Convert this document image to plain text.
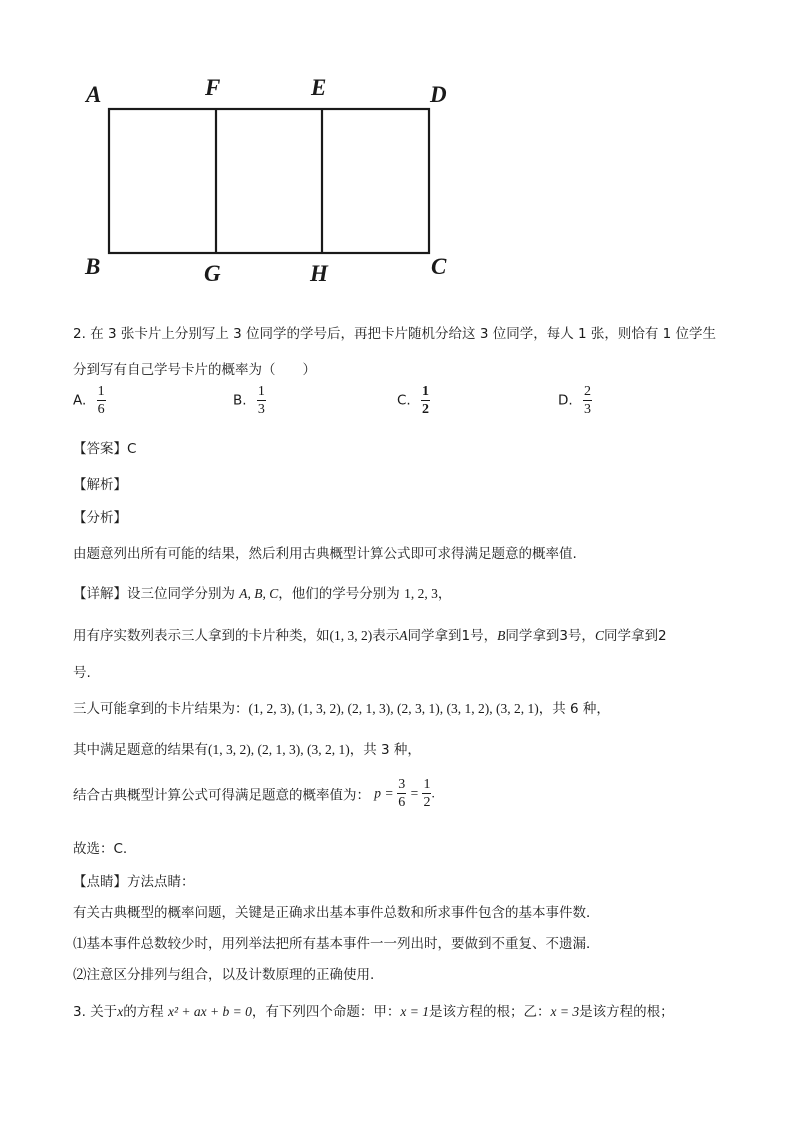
A	F	E	D
B	G	H	C
2. 在 3 张卡片上分别写上 3 位同学的学号后，再把卡片随机分给这 3 位同学，每人 1 张，则恰有 1 位学生
分到写有自己学号卡片的概率为（　　）
A. $\frac{1}{6}$	B. $\frac{1}{3}$	C. $\frac{1}{2}$	D. $\frac{2}{3}$
【答案】C
【解析】
【分析】
由题意列出所有可能的结果，然后利用古典概型计算公式即可求得满足题意的概率值.
【详解】设三位同学分别为 A, B, C，他们的学号分别为 1, 2, 3，
用有序实数列表示三人拿到的卡片种类，如(1, 3, 2)表示A同学拿到1号，B同学拿到3号，C同学拿到2
号.
三人可能拿到的卡片结果为：(1, 2, 3), (1, 3, 2), (2, 1, 3), (2, 3, 1), (3, 1, 2), (3, 2, 1)，共 6 种，
其中满足题意的结果有(1, 3, 2), (2, 1, 3), (3, 2, 1)，共 3 种，
结合古典概型计算公式可得满足题意的概率值为： $p = \frac{3}{6} = \frac{1}{2}$ .
故选：C.
【点睛】方法点睛：
有关古典概型的概率问题，关键是正确求出基本事件总数和所求事件包含的基本事件数．
⑴基本事件总数较少时，用列举法把所有基本事件一一列出时，要做到不重复、不遗漏．
⑵注意区分排列与组合，以及计数原理的正确使用.
3. 关于x的方程 x² + ax + b = 0，有下列四个命题：甲：x = 1是该方程的根；乙：x = 3是该方程的根；
